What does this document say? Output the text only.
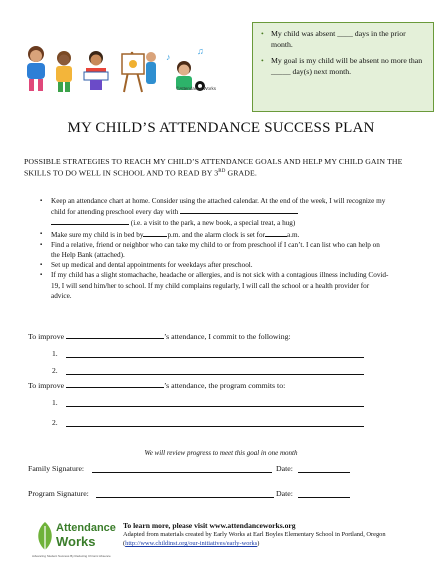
♪
♫
©Attendance Works
• My child was absent ____ days in the prior month.
• My goal is my child will be absent no more than _____ day(s) next month.
MY CHILD’S ATTENDANCE SUCCESS PLAN
POSSIBLE STRATEGIES TO REACH MY CHILD’S ATTENDANCE GOALS AND HELP MY CHILD GAIN THE SKILLS TO DO WELL IN SCHOOL AND TO READ BY 3RD GRADE.
▪ Keep an attendance chart at home. Consider using the attached calendar. At the end of the week, I will recognize my child for attending preschool every day with
(i.e. a visit to the park, a new book, a special treat, a hug)
▪ Make sure my child is in bed by	p.m. and the alarm clock is set for	a.m.
▪ Find a relative, friend or neighbor who can take my child to or from preschool if I can’t. I can list who can help on the Help Bank (attached).
▪ Set up medical and dental appointments for weekdays after preschool.
▪ If my child has a slight stomachache, headache or allergies, and is not sick with a contagious illness including Covid-19, I will send him/her to school. If my child complains regularly, I will call the school or a health provider for advice.
To improve	’s attendance, I commit to the following:
1.
2.
To improve	’s attendance, the program commits to:
1.
2.
We will review progress to meet this goal in one month
Family Signature:	Date:
Program Signature:	Date:
Attendance
Works
Advancing Student Success By Reducing Chronic Absence
To learn more, please visit www.attendanceworks.org
Adapted from materials created by Early Works at Earl Boyles Elementary School in Portland, Oregon (http://www.childinst.org/our-initiatives/early-works)
